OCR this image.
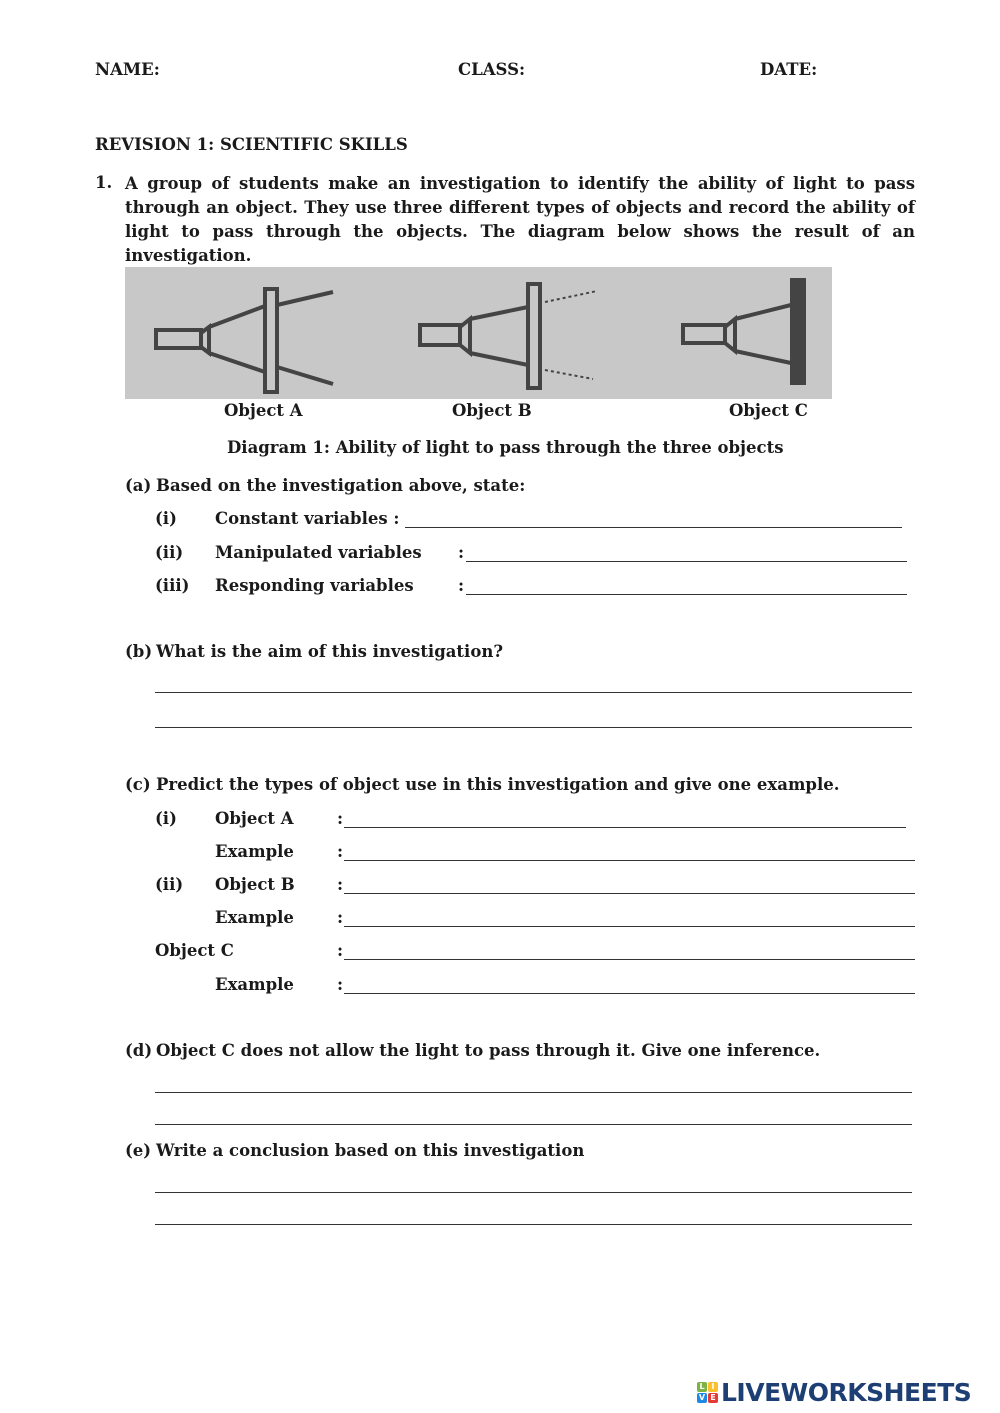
NAME:	CLASS:	DATE:
REVISION 1: SCIENTIFIC SKILLS
1. A group of students make an investigation to identify the ability of light to pass through an object. They use three different types of objects and record the ability of light to pass through the objects. The diagram below shows the result of an investigation.
Object A	Object B	Object C
Diagram 1: Ability of light to pass through the three objects
(a) Based on the investigation above, state:
(i) Constant variables :
(ii) Manipulated variables :
(iii) Responding variables	:
(b) What is the aim of this investigation?
(c) Predict the types of object use in this investigation and give one example.
(i) Object A	:
Example	:
(ii) Object B	:
Example	:
Object C	:
Example	:
(d) Object C does not allow the light to pass through it. Give one inference.
(e) Write a conclusion based on this investigation
L I
V E LIVEWORKSHEETS
